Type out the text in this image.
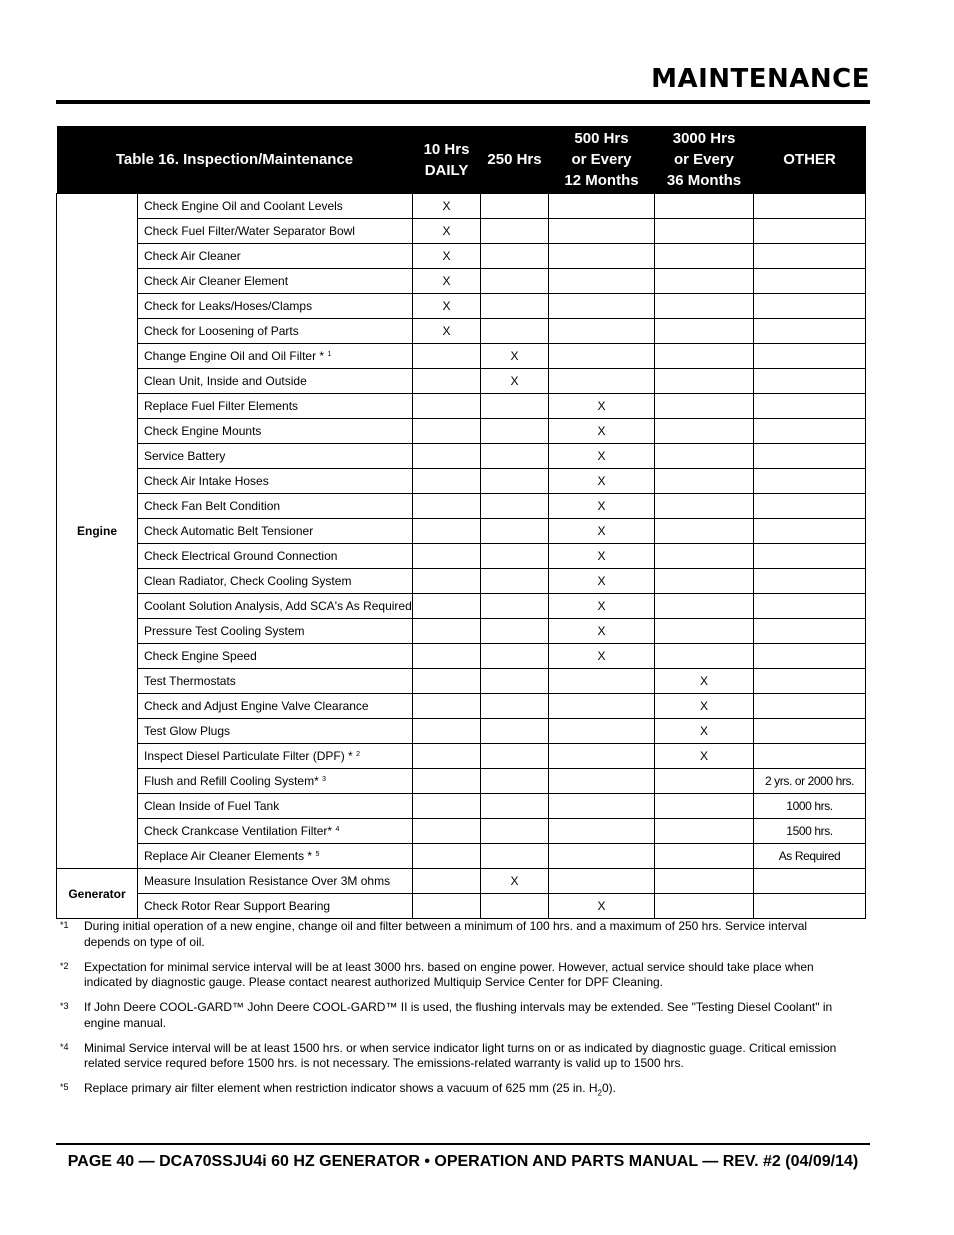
MAINTENANCE
Table 16. Inspection/Maintenance		10 Hrs
DAILY	250 Hrs	500 Hrs
or Every
12 Months	3000 Hrs
or Every
36 Months	OTHER

Engine	Check Engine Oil and Coolant Levels	X				
	Check Fuel Filter/Water Separator Bowl	X				
	Check Air Cleaner	X				
	Check Air Cleaner Element	X				
	Check for Leaks/Hoses/Clamps	X				
	Check for Loosening of Parts	X				
	Change Engine Oil and Oil Filter * $^1$		X			
	Clean Unit, Inside and Outside		X			
	Replace Fuel Filter Elements			X		
	Check Engine Mounts			X		
	Service Battery			X		
	Check Air Intake Hoses			X		
	Check Fan Belt Condition			X		
	Check Automatic Belt Tensioner			X		
	Check Electrical Ground Connection			X		
	Clean Radiator, Check Cooling System			X		
	Coolant Solution Analysis, Add SCA's As Required			X		
	Pressure Test Cooling System			X		
	Check Engine Speed			X		
	Test Thermostats				X	
	Check and Adjust Engine Valve Clearance				X	
	Test Glow Plugs				X	
	Inspect Diesel Particulate Filter (DPF) * $^2$				X	
	Flush and Refill Cooling System* $^3$					2 yrs. or 2000 hrs.
	Clean Inside of Fuel Tank					1000 hrs.
	Check Crankcase Ventilation Filter* $^4$					1500 hrs.
	Replace Air Cleaner Elements * $^5$					As Required
Generator	Measure Insulation Resistance Over 3M ohms		X			
	Check Rotor Rear Support Bearing			X		
*1	During initial operation of a new engine, change oil and filter between a minimum of 100 hrs. and a maximum of 250 hrs. Service interval depends on type of oil.
*2	Expectation for minimal service interval will be at least 3000 hrs. based on engine power. However, actual service should take place when indicated by diagnostic gauge. Please contact nearest authorized Multiquip Service Center for DPF Cleaning.
*3	If John Deere COOL-GARD™ John Deere COOL-GARD™ II is used, the flushing intervals may be extended. See "Testing Diesel Coolant" in engine manual.
*4	Minimal Service interval will be at least 1500 hrs. or when service indicator light turns on or as indicated by diagnostic guage. Critical emission related service requred before 1500 hrs. is not necessary. The emissions-related warranty is valid up to 1500 hrs.
*5	Replace primary air filter element when restriction indicator shows a vacuum of 625 mm (25 in. $H_20$).
PAGE 40 — DCA70SSJU4i 60 HZ GENERATOR • OPERATION AND PARTS MANUAL — REV. #2 (04/09/14)
